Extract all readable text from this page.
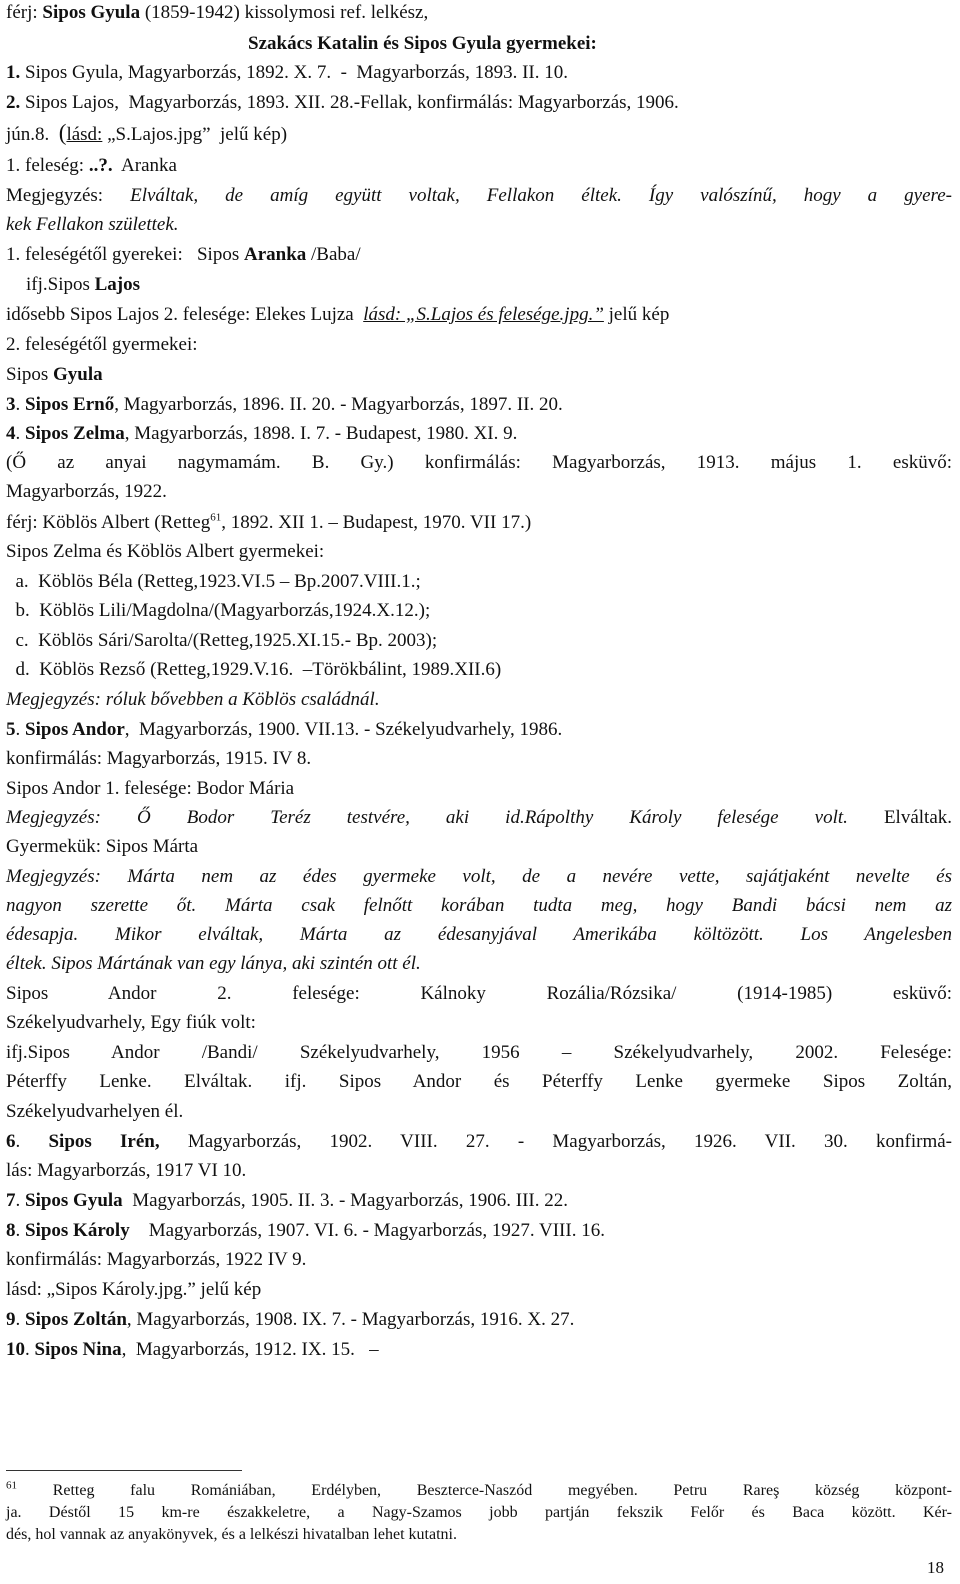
férj: Sipos Gyula (1859-1942) kissolymosi ref. lelkész,

Szakács Katalin és Sipos Gyula gyermekei:

1. Sipos Gyula, Magyarborzás, 1892. X. 7.  -  Magyarborzás, 1893. II. 10.

2. Sipos Lajos,  Magyarborzás, 1893. XII. 28.-Fellak, konfirmálás: Magyarborzás, 1906.

jún.8.  (lásd: „S.Lajos.jpg”  jelű kép)

1. feleség: ..?.  Aranka

Megjegyzés: Elváltak, de amíg együtt voltak, Fellakon éltek. Így valószínű, hogy a gyere-

kek Fellakon születtek.

1. feleségétől gyerekei:   Sipos Aranka /Baba/

ifj.Sipos Lajos

idősebb Sipos Lajos 2. felesége: Elekes Lujza  lásd: „S.Lajos és felesége.jpg.” jelű kép

2. feleségétől gyermekei:

Sipos Gyula

3. Sipos Ernő, Magyarborzás, 1896. II. 20. - Magyarborzás, 1897. II. 20.

4. Sipos Zelma, Magyarborzás, 1898. I. 7. - Budapest, 1980. XI. 9.

(Ő az anyai nagymamám. B. Gy.) konfirmálás: Magyarborzás, 1913. május 1. esküvő:

Magyarborzás, 1922.

férj: Köblös Albert (Retteg$^{61}$, 1892. XII 1. – Budapest, 1970. VII 17.)

Sipos Zelma és Köblös Albert gyermekei:

a.  Köblös Béla (Retteg,1923.VI.5 – Bp.2007.VIII.1.;

b.  Köblös Lili/Magdolna/(Magyarborzás,1924.X.12.);

c.  Köblös Sári/Sarolta/(Retteg,1925.XI.15.- Bp. 2003);

d.  Köblös Rezső (Retteg,1929.V.16.  –Törökbálint, 1989.XII.6)

Megjegyzés: róluk bővebben a Köblös családnál.

5. Sipos Andor,  Magyarborzás, 1900. VII.13. - Székelyudvarhely, 1986.

konfirmálás: Magyarborzás, 1915. IV 8.

Sipos Andor 1. felesége: Bodor Mária

Megjegyzés: Ő Bodor Teréz testvére, aki id.Rápolthy Károly felesége volt. Elváltak.

Gyermekük: Sipos Márta

Megjegyzés: Márta nem az édes gyermeke volt, de a nevére vette, sajátjaként nevelte és

nagyon szerette őt. Márta csak felnőtt korában tudta meg, hogy Bandi bácsi nem az

édesapja. Mikor elváltak, Márta az édesanyjával Amerikába költözött. Los Angelesben

éltek. Sipos Mártának van egy lánya, aki szintén ott él.

Sipos Andor 2. felesége: Kálnoky Rozália/Rózsika/ (1914-1985) esküvő:

Székelyudvarhely, Egy fiúk volt:

ifj.Sipos Andor /Bandi/ Székelyudvarhely, 1956 – Székelyudvarhely, 2002. Felesége:

Péterffy Lenke. Elváltak. ifj. Sipos Andor és Péterffy Lenke gyermeke Sipos Zoltán,

Székelyudvarhelyen él.

6. Sipos Irén, Magyarborzás, 1902. VIII. 27. - Magyarborzás, 1926. VII. 30. konfirmá-

lás: Magyarborzás, 1917 VI 10.

7. Sipos Gyula  Magyarborzás, 1905. II. 3. - Magyarborzás, 1906. III. 22.

8. Sipos Károly    Magyarborzás, 1907. VI. 6. - Magyarborzás, 1927. VIII. 16.

konfirmálás: Magyarborzás, 1922 IV 9.

lásd: „Sipos Károly.jpg.” jelű kép

9. Sipos Zoltán, Magyarborzás, 1908. IX. 7. - Magyarborzás, 1916. X. 27.

10. Sipos Nina,  Magyarborzás, 1912. IX. 15.   –

$^{61}$ Retteg falu Romániában, Erdélyben, Beszterce-Naszód megyében. Petru Rareş község központ-

ja. Déstől 15 km-re északkeletre, a Nagy-Szamos jobb partján fekszik Felőr és Baca között. Kér-

dés, hol vannak az anyakönyvek, és a lelkészi hivatalban lehet kutatni.

18
